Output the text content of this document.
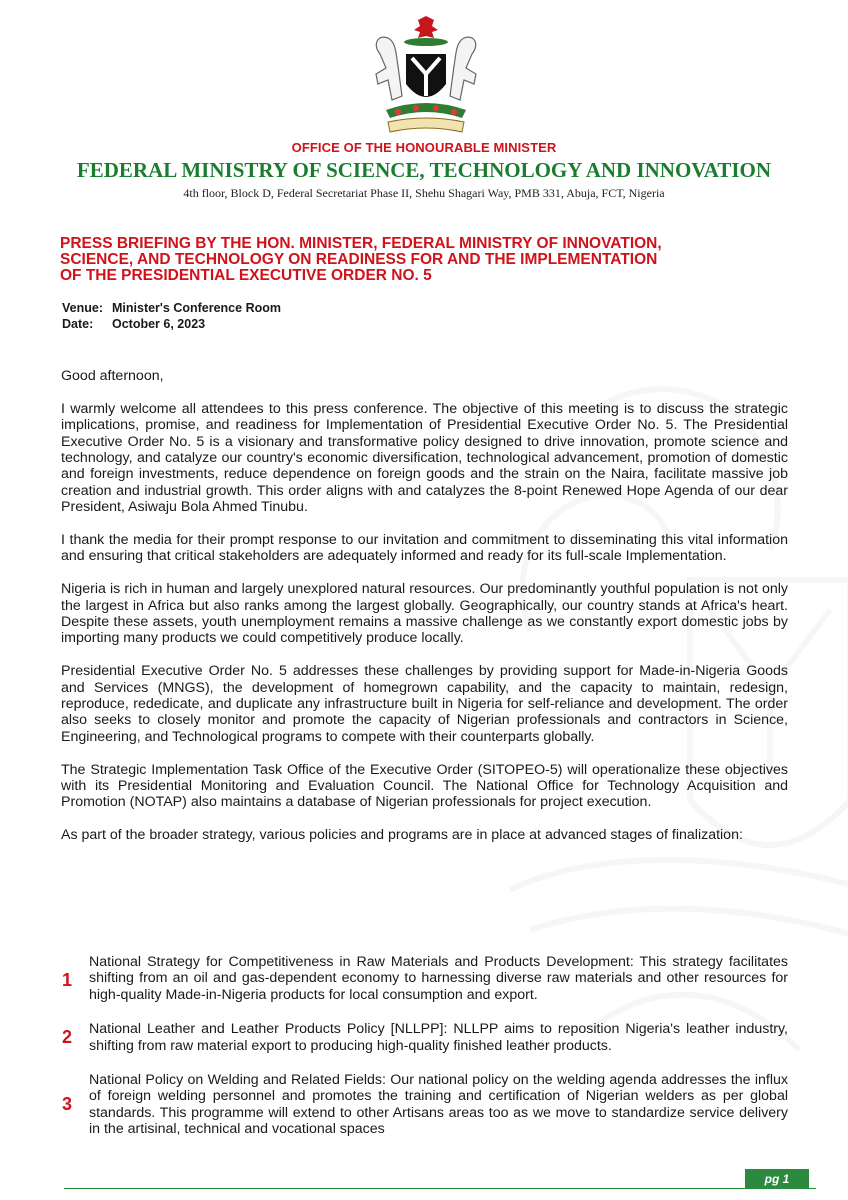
OFFICE OF THE HONOURABLE MINISTER
FEDERAL MINISTRY OF SCIENCE, TECHNOLOGY AND INNOVATION
4th floor, Block D, Federal Secretariat Phase II, Shehu Shagari Way, PMB 331, Abuja, FCT, Nigeria
PRESS BRIEFING BY THE HON. MINISTER, FEDERAL MINISTRY OF INNOVATION,
SCIENCE, AND TECHNOLOGY ON READINESS FOR AND THE IMPLEMENTATION
OF THE PRESIDENTIAL EXECUTIVE ORDER NO. 5
Venue: Minister's Conference Room
Date:	October 6, 2023

Good afternoon,

I warmly welcome all attendees to this press conference. The objective of this meeting is to discuss the strategic implications, promise, and readiness for Implementation of Presidential Executive Order No. 5. The Presidential Executive Order No. 5 is a visionary and transformative policy designed to drive innovation, promote science and technology, and catalyze our country's economic diversification, technological advancement, promotion of domestic and foreign investments, reduce dependence on foreign goods and the strain on the Naira, facilitate massive job creation and industrial growth. This order aligns with and catalyzes the 8-point Renewed Hope Agenda of our dear President, Asiwaju Bola Ahmed Tinubu.

I thank the media for their prompt response to our invitation and commitment to disseminating this vital information and ensuring that critical stakeholders are adequately informed and ready for its full-scale Implementation.

Nigeria is rich in human and largely unexplored natural resources. Our predominantly youthful population is not only the largest in Africa but also ranks among the largest globally. Geographically, our country stands at Africa's heart. Despite these assets, youth unemployment remains a massive challenge as we constantly export domestic jobs by importing many products we could competitively produce locally.

Presidential Executive Order No. 5 addresses these challenges by providing support for Made-in-Nigeria Goods and Services (MNGS), the development of homegrown capability, and the capacity to maintain, redesign, reproduce, rededicate, and duplicate any infrastructure built in Nigeria for self-reliance and development. The order also seeks to closely monitor and promote the capacity of Nigerian professionals and contractors in Science, Engineering, and Technological programs to compete with their counterparts globally.

The Strategic Implementation Task Office of the Executive Order (SITOPEO-5) will operationalize these objectives with its Presidential Monitoring and Evaluation Council. The National Office for Technology Acquisition and Promotion (NOTAP) also maintains a database of Nigerian professionals for project execution.

As part of the broader strategy, various policies and programs are in place at advanced stages of finalization:

1
National Strategy for Competitiveness in Raw Materials and Products Development: This strategy facilitates shifting from an oil and gas-dependent economy to harnessing diverse raw materials and other resources for high-quality Made-in-Nigeria products for local consumption and export.
2 National Leather and Leather Products Policy [NLLPP]: NLLPP aims to reposition Nigeria's leather industry, shifting from raw material export to producing high-quality finished leather products.
3
National Policy on Welding and Related Fields: Our national policy on the welding agenda addresses the influx of foreign welding personnel and promotes the training and certification of Nigerian welders as per global standards. This programme will extend to other Artisans areas too as we move to standardize service delivery in the artisinal, technical and vocational spaces
pg 1
